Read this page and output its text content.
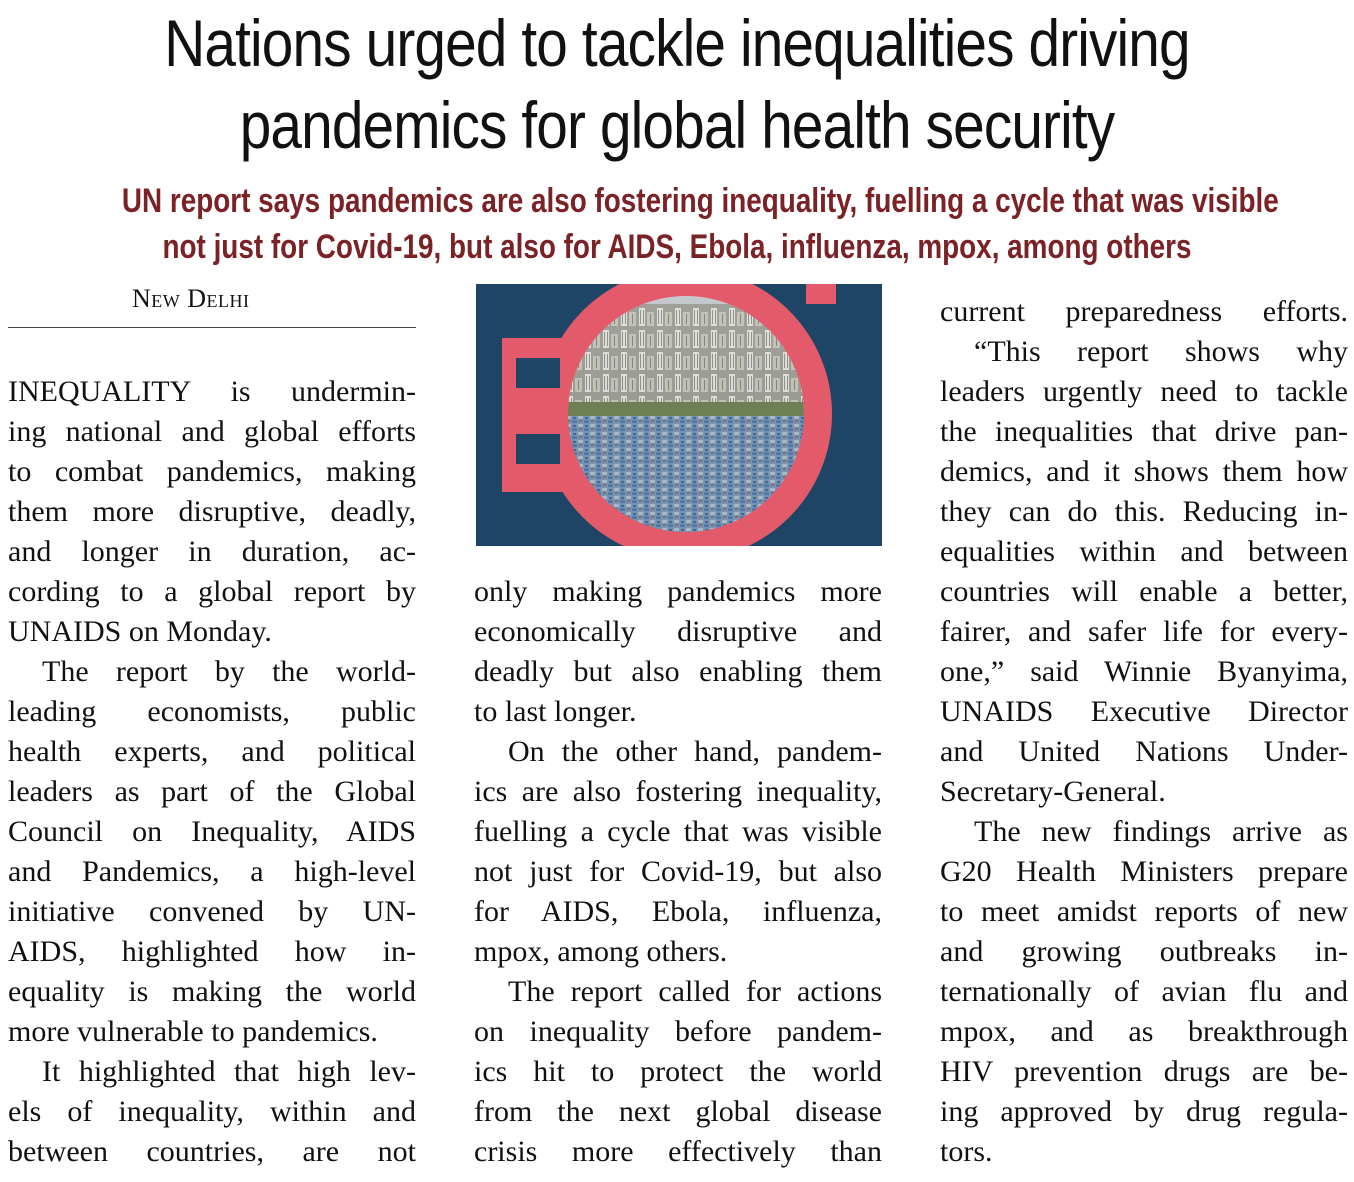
Nations urged to tackle inequalities driving
pandemics for global health security
UN report says pandemics are also fostering inequality, fuelling a cycle that was visible
not just for Covid-19, but also for AIDS, Ebola, influenza, mpox, among others
New Delhi
INEQUALITY is undermin-
ing national and global efforts
to combat pandemics, making
them more disruptive, deadly,
and longer in duration, ac-
cording to a global report by
UNAIDS on Monday.
The report by the world-
leading economists, public
health experts, and political
leaders as part of the Global
Council on Inequality, AIDS
and Pandemics, a high-level
initiative convened by UN-
AIDS, highlighted how in-
equality is making the world
more vulnerable to pandemics.
It highlighted that high lev-
els of inequality, within and
between countries, are not
only making pandemics more
economically disruptive and
deadly but also enabling them
to last longer.
On the other hand, pandem-
ics are also fostering inequality,
fuelling a cycle that was visible
not just for Covid-19, but also
for AIDS, Ebola, influenza,
mpox, among others.
The report called for actions
on inequality before pandem-
ics hit to protect the world
from the next global disease
crisis more effectively than
current preparedness efforts.
“This report shows why
leaders urgently need to tackle
the inequalities that drive pan-
demics, and it shows them how
they can do this. Reducing in-
equalities within and between
countries will enable a better,
fairer, and safer life for every-
one,” said Winnie Byanyima,
UNAIDS Executive Director
and United Nations Under-
Secretary-General.
The new findings arrive as
G20 Health Ministers prepare
to meet amidst reports of new
and growing outbreaks in-
ternationally of avian flu and
mpox, and as breakthrough
HIV prevention drugs are be-
ing approved by drug regula-
tors.
